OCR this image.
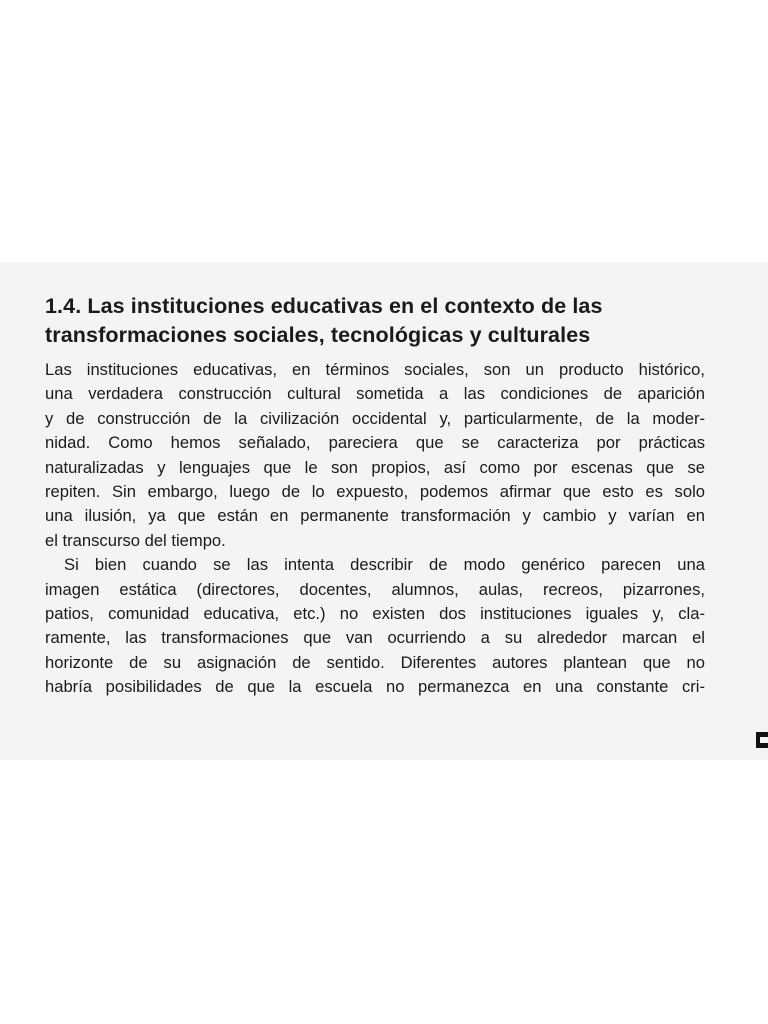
1.4. Las instituciones educativas en el contexto de las
transformaciones sociales, tecnológicas y culturales

Las instituciones educativas, en términos sociales, son un producto histórico,
una verdadera construcción cultural sometida a las condiciones de aparición
y de construcción de la civilización occidental y, particularmente, de la moder-
nidad. Como hemos señalado, pareciera que se caracteriza por prácticas
naturalizadas y lenguajes que le son propios, así como por escenas que se
repiten. Sin embargo, luego de lo expuesto, podemos afirmar que esto es solo
una ilusión, ya que están en permanente transformación y cambio y varían en
el transcurso del tiempo.

Si bien cuando se las intenta describir de modo genérico parecen una
imagen estática (directores, docentes, alumnos, aulas, recreos, pizarrones,
patios, comunidad educativa, etc.) no existen dos instituciones iguales y, cla-
ramente, las transformaciones que van ocurriendo a su alrededor marcan el
horizonte de su asignación de sentido. Diferentes autores plantean que no
habría posibilidades de que la escuela no permanezca en una constante cri-
